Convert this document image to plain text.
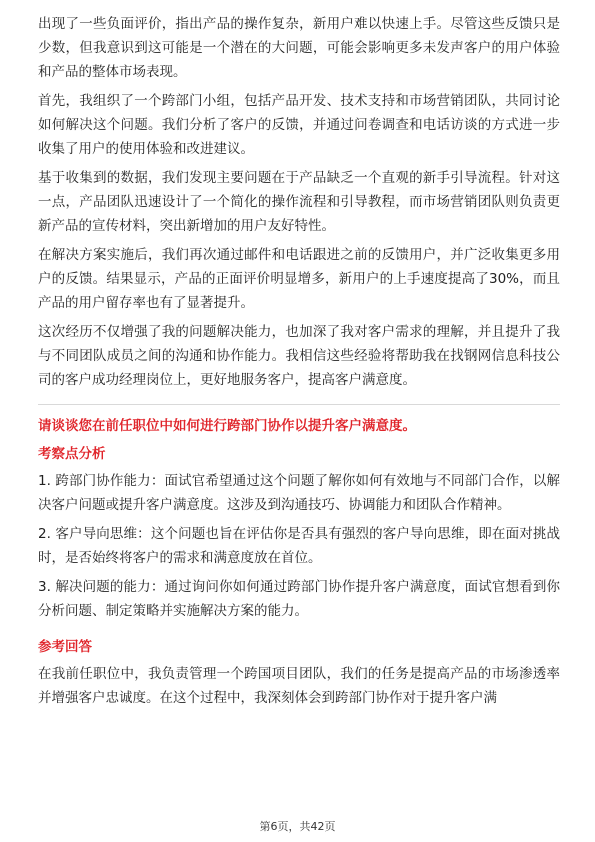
出现了一些负面评价，指出产品的操作复杂，新用户难以快速上手。尽管这些反馈只是少数，但我意识到这可能是一个潜在的大问题，可能会影响更多未发声客户的用户体验和产品的整体市场表现。

首先，我组织了一个跨部门小组，包括产品开发、技术支持和市场营销团队，共同讨论如何解决这个问题。我们分析了客户的反馈，并通过问卷调查和电话访谈的方式进一步收集了用户的使用体验和改进建议。

基于收集到的数据，我们发现主要问题在于产品缺乏一个直观的新手引导流程。针对这一点，产品团队迅速设计了一个简化的操作流程和引导教程，而市场营销团队则负责更新产品的宣传材料，突出新增加的用户友好特性。

在解决方案实施后，我们再次通过邮件和电话跟进之前的反馈用户，并广泛收集更多用户的反馈。结果显示，产品的正面评价明显增多，新用户的上手速度提高了30%，而且产品的用户留存率也有了显著提升。

这次经历不仅增强了我的问题解决能力，也加深了我对客户需求的理解，并且提升了我与不同团队成员之间的沟通和协作能力。我相信这些经验将帮助我在找钢网信息科技公司的客户成功经理岗位上，更好地服务客户，提高客户满意度。

请谈谈您在前任职位中如何进行跨部门协作以提升客户满意度。

考察点分析

1. 跨部门协作能力：面试官希望通过这个问题了解你如何有效地与不同部门合作，以解决客户问题或提升客户满意度。这涉及到沟通技巧、协调能力和团队合作精神。

2. 客户导向思维：这个问题也旨在评估你是否具有强烈的客户导向思维，即在面对挑战时，是否始终将客户的需求和满意度放在首位。

3. 解决问题的能力：通过询问你如何通过跨部门协作提升客户满意度，面试官想看到你分析问题、制定策略并实施解决方案的能力。

参考回答

在我前任职位中，我负责管理一个跨国项目团队，我们的任务是提高产品的市场渗透率并增强客户忠诚度。在这个过程中，我深刻体会到跨部门协作对于提升客户满

第6页，共42页
